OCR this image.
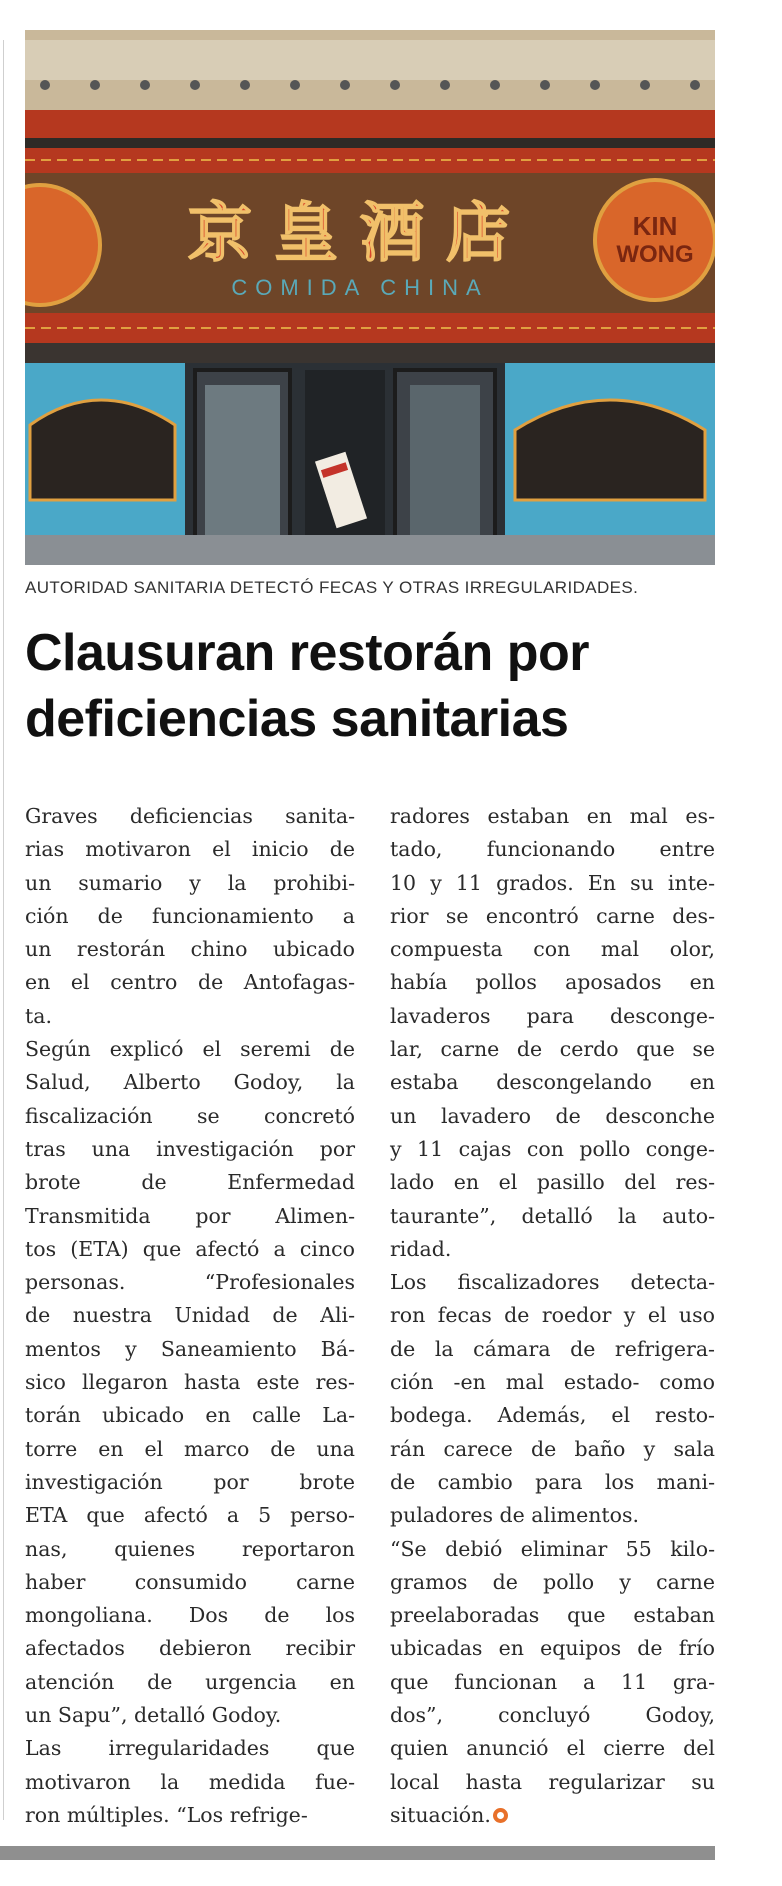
KIN
WONG
京皇酒店
COMIDA CHINA
AUTORIDAD SANITARIA DETECTÓ FECAS Y OTRAS IRREGULARIDADES.
Clausuran restorán por
deficiencias sanitarias
Graves deficiencias sanita-
rias motivaron el inicio de
un sumario y la prohibi-
ción de funcionamiento a
un restorán chino ubicado
en el centro de Antofagas-
ta.
Según explicó el seremi de
Salud, Alberto Godoy, la
fiscalización se concretó
tras una investigación por
brote de Enfermedad
Transmitida por Alimen-
tos (ETA) que afectó a cinco
personas. “Profesionales
de nuestra Unidad de Ali-
mentos y Saneamiento Bá-
sico llegaron hasta este res-
torán ubicado en calle La-
torre en el marco de una
investigación por brote
ETA que afectó a 5 perso-
nas, quienes reportaron
haber consumido carne
mongoliana. Dos de los
afectados debieron recibir
atención de urgencia en
un Sapu”, detalló Godoy.
Las irregularidades que
motivaron la medida fue-
ron múltiples. “Los refrige-
radores estaban en mal es-
tado, funcionando entre
10 y 11 grados. En su inte-
rior se encontró carne des-
compuesta con mal olor,
había pollos aposados en
lavaderos para desconge-
lar, carne de cerdo que se
estaba descongelando en
un lavadero de desconche
y 11 cajas con pollo conge-
lado en el pasillo del res-
taurante”, detalló la auto-
ridad.
Los fiscalizadores detecta-
ron fecas de roedor y el uso
de la cámara de refrigera-
ción -en mal estado- como
bodega. Además, el resto-
rán carece de baño y sala
de cambio para los mani-
puladores de alimentos.
“Se debió eliminar 55 kilo-
gramos de pollo y carne
preelaboradas que estaban
ubicadas en equipos de frío
que funcionan a 11 gra-
dos”, concluyó Godoy,
quien anunció el cierre del
local hasta regularizar su
situación.
